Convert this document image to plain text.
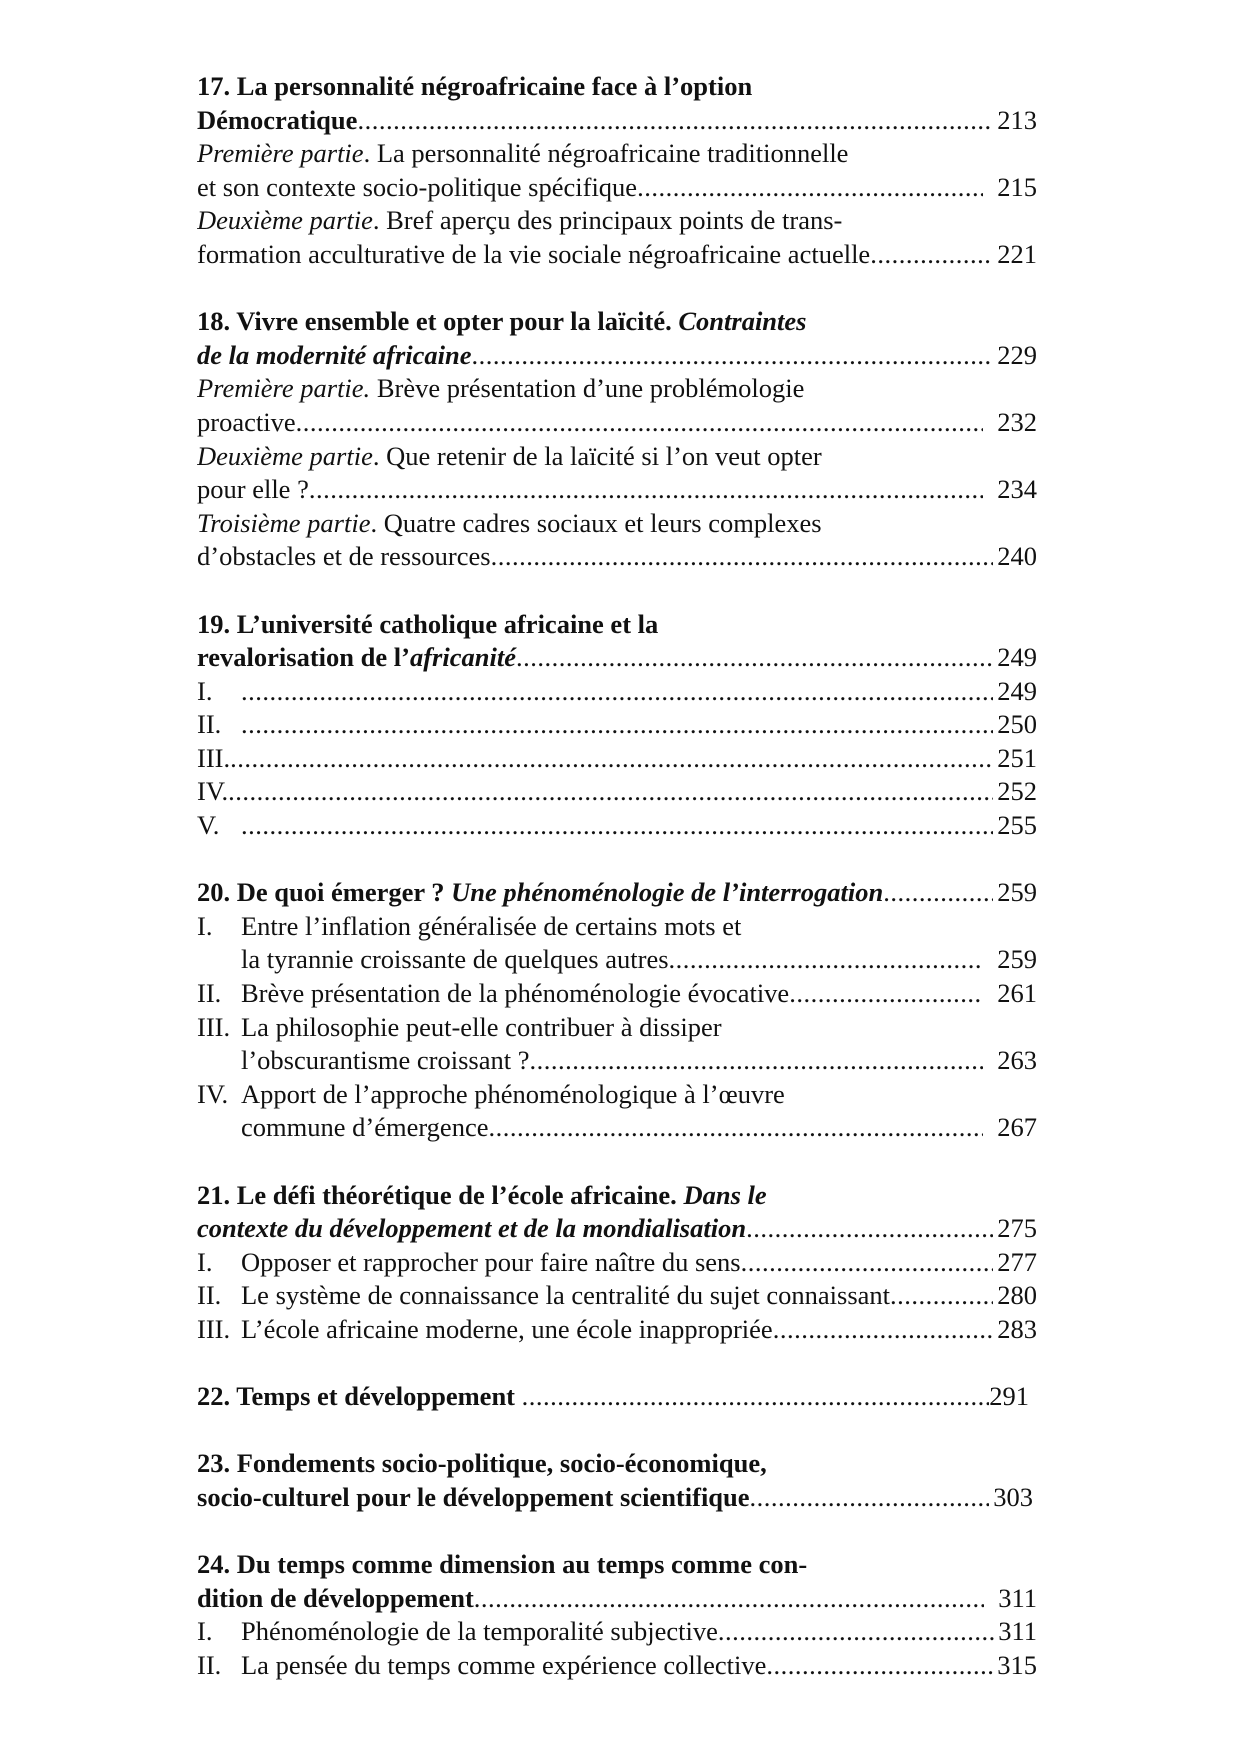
17. La personnalité négroafricaine face à l’option
Démocratique .....	213
Première partie. La personnalité négroafricaine traditionnelle
et son contexte socio-politique spécifique .....	215
Deuxième partie. Bref aperçu des principaux points de trans-
formation acculturative de la vie sociale négroafricaine actuelle .....	221
18. Vivre ensemble et opter pour la laïcité. Contraintes
de la modernité africaine .....	229
Première partie. Brève présentation d’une problémologie
proactive .....	232
Deuxième partie. Que retenir de la laïcité si l’on veut opter
pour elle ? .....	234
Troisième partie. Quatre cadres sociaux et leurs complexes
d’obstacles et de ressources .....	240
19. L’université catholique africaine et la
revalorisation de l’africanité .....	249
I. .....	249
II. .....	250
III. .....	251
IV. .....	252
V. .....	255
20. De quoi émerger ? Une phénoménologie de l’interrogation .....	259
I.	Entre l’inflation généralisée de certains mots et
la tyrannie croissante de quelques autres .....	259
II. Brève présentation de la phénoménologie évocative .....	261
III. La philosophie peut-elle contribuer à dissiper
l’obscurantisme croissant ? .....	263
IV. Apport de l’approche phénoménologique à l’œuvre
commune d’émergence .....	267
21. Le défi théorétique de l’école africaine. Dans le
contexte du développement et de la mondialisation .....	275
I.	Opposer et rapprocher pour faire naître du sens .....	277
II. Le système de connaissance la centralité du sujet connaissant .....	280
III. L’école africaine moderne, une école inappropriée .....	283
22. Temps et développement .....	291
23. Fondements socio-politique, socio-économique,
socio-culturel pour le développement scientifique .....	303
24. Du temps comme dimension au temps comme con-
dition de développement .....	311
I.	Phénoménologie de la temporalité subjective .....	311
II. La pensée du temps comme expérience collective .....	315
